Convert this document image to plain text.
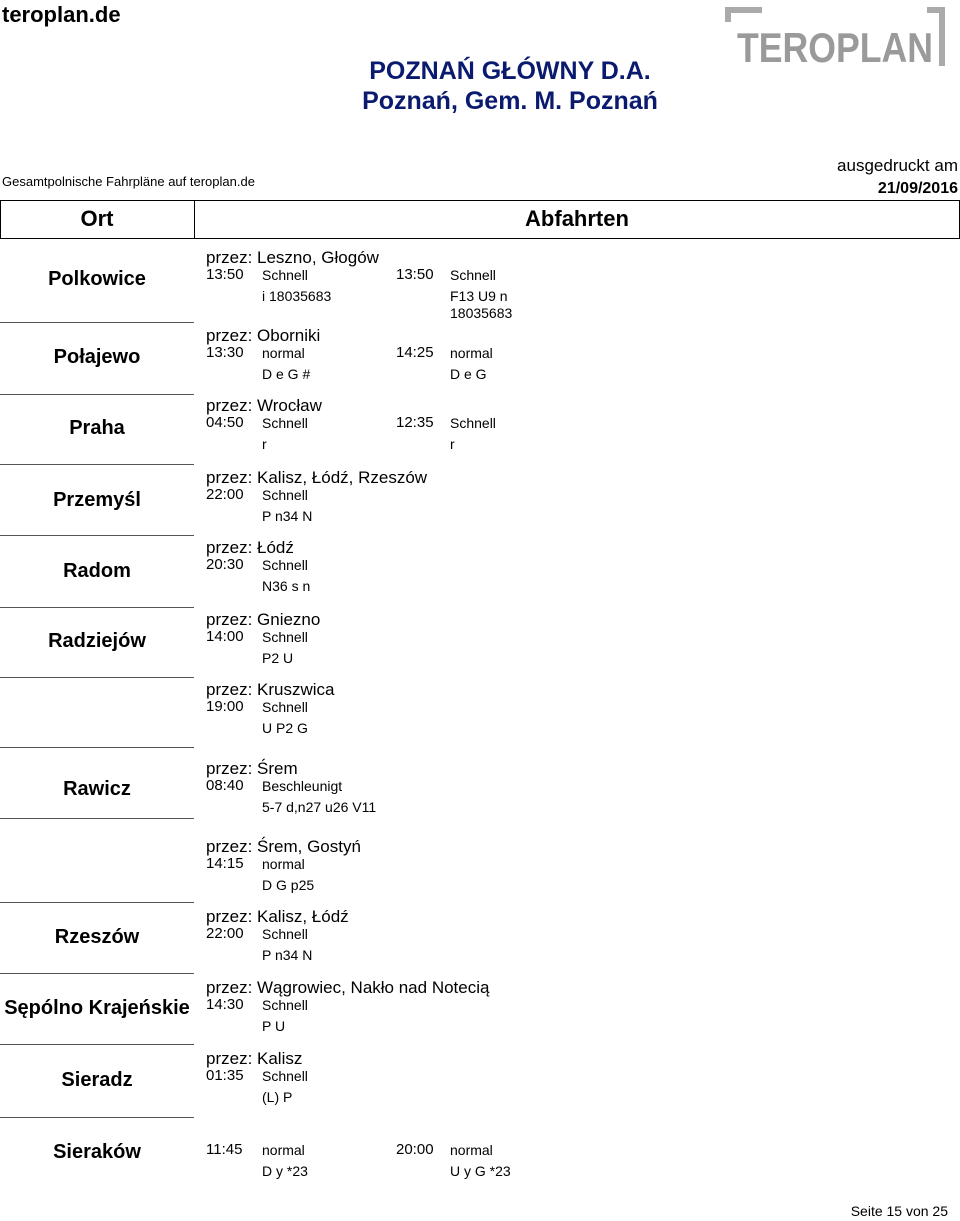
teroplan.de
TEROPLAN
POZNAŃ GŁÓWNY D.A.
Poznań, Gem. M. Poznań
Gesamtpolnische Fahrpläne auf teroplan.de
ausgedruckt am
21/09/2016
Ort	Abfahrten
Polkowice
Połajewo
Praha
Przemyśl
Radom
Radziejów
Rawicz
Rzeszów
Sępólno Krajeńskie
Sieradz
Sieraków
przez: Leszno, Głogów
13:50 Schnell
i 18035683
13:50 Schnell
F13 U9 n
18035683
przez: Oborniki
13:30 normal
D e G #
14:25 normal
D e G
przez: Wrocław
04:50 Schnell
r
12:35 Schnell
r
przez: Kalisz, Łódź, Rzeszów
22:00 Schnell
P n34 N
przez: Łódź
20:30 Schnell
N36 s n
przez: Gniezno
14:00 Schnell
P2 U
przez: Kruszwica
19:00 Schnell
U P2 G
przez: Śrem
08:40 Beschleunigt
5-7 d,n27 u26 V11
przez: Śrem, Gostyń
14:15 normal
D G p25
przez: Kalisz, Łódź
22:00 Schnell
P n34 N
przez: Wągrowiec, Nakło nad Notecią
14:30 Schnell
P U
przez: Kalisz
01:35 Schnell
(L) P
11:45 normal
D y *23
20:00 normal
U y G *23
Seite 15 von 25
